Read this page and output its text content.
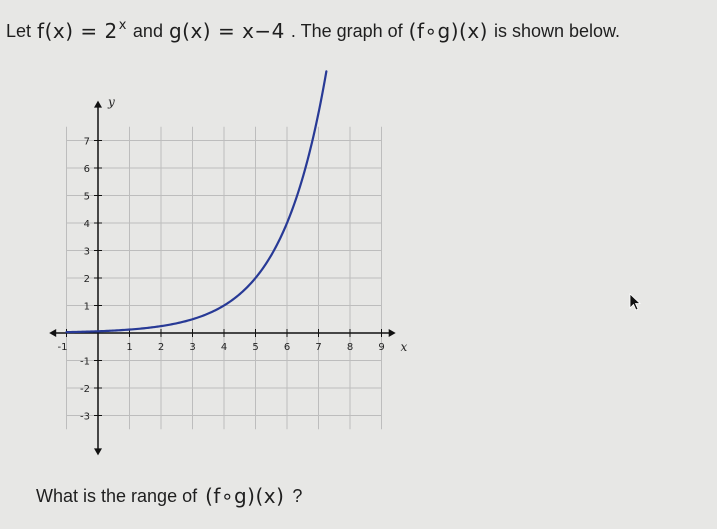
Let $f(x) = 2^x$ and g(x) = x−4 . The graph of (f∘g)(x) is shown below.
-1	1	2	3	4	5	6	7	8	9
7
6
5
4
3
2
1
-1
-2
-3
x
y
What is the range of (f∘g)(x) ?
